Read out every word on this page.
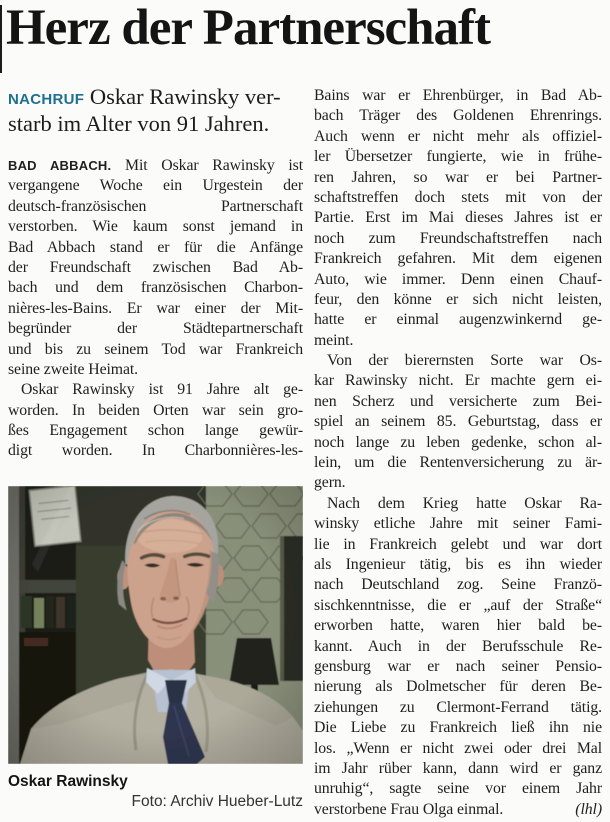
Herz der Partnerschaft
NACHRUF Oskar Rawinsky ver-
starb im Alter von 91 Jahren.
BAD ABBACH. Mit Oskar Rawinsky ist
vergangene Woche ein Urgestein der
deutsch-französischen Partnerschaft
verstorben. Wie kaum sonst jemand in
Bad Abbach stand er für die Anfänge
der Freundschaft zwischen Bad Ab-
bach und dem französischen Charbon-
nières-les-Bains. Er war einer der Mit-
begründer der Städtepartnerschaft
und bis zu seinem Tod war Frankreich
seine zweite Heimat.
Oskar Rawinsky ist 91 Jahre alt ge-
worden. In beiden Orten war sein gro-
ßes Engagement schon lange gewür-
digt worden. In Charbonnières-les-
Oskar Rawinsky
Foto: Archiv Hueber-Lutz
Bains war er Ehrenbürger, in Bad Ab-
bach Träger des Goldenen Ehrenrings.
Auch wenn er nicht mehr als offiziel-
ler Übersetzer fungierte, wie in frühe-
ren Jahren, so war er bei Partner-
schaftstreffen doch stets mit von der
Partie. Erst im Mai dieses Jahres ist er
noch zum Freundschaftstreffen nach
Frankreich gefahren. Mit dem eigenen
Auto, wie immer. Denn einen Chauf-
feur, den könne er sich nicht leisten,
hatte er einmal augenzwinkernd ge-
meint.
Von der bierernsten Sorte war Os-
kar Rawinsky nicht. Er machte gern ei-
nen Scherz und versicherte zum Bei-
spiel an seinem 85. Geburtstag, dass er
noch lange zu leben gedenke, schon al-
lein, um die Rentenversicherung zu är-
gern.
Nach dem Krieg hatte Oskar Ra-
winsky etliche Jahre mit seiner Fami-
lie in Frankreich gelebt und war dort
als Ingenieur tätig, bis es ihn wieder
nach Deutschland zog. Seine Franzö-
sischkenntnisse, die er „auf der Straße“
erworben hatte, waren hier bald be-
kannt. Auch in der Berufsschule Re-
gensburg war er nach seiner Pensio-
nierung als Dolmetscher für deren Be-
ziehungen zu Clermont-Ferrand tätig.
Die Liebe zu Frankreich ließ ihn nie
los. „Wenn er nicht zwei oder drei Mal
im Jahr rüber kann, dann wird er ganz
unruhig“, sagte seine vor einem Jahr
verstorbene Frau Olga einmal.	(lhl)
